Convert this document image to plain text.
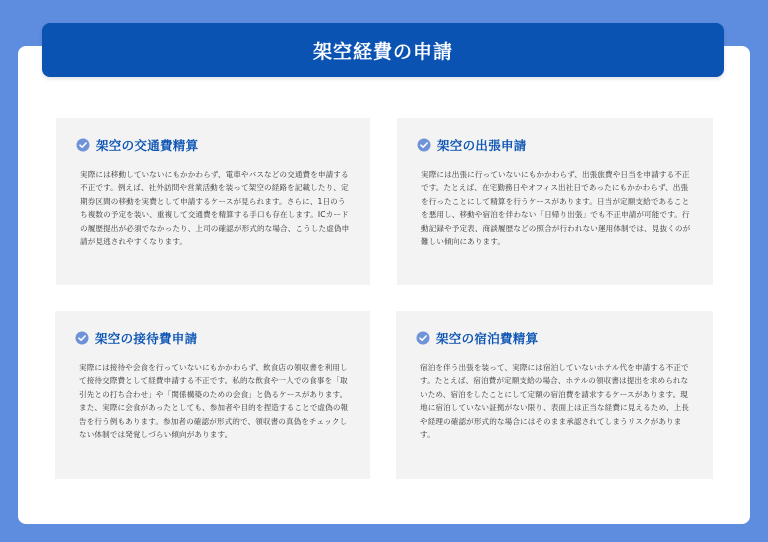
架空経費の申請
架空の交通費精算

実際には移動していないにもかかわらず、電車やバスなどの交通費を申請する不正です。例えば、社外訪問や営業活動を装って架空の経路を記載したり、定期券区間の移動を実費として申請するケースが見られます。さらに、1日のうち複数の予定を装い、重複して交通費を精算する手口も存在します。ICカードの履歴提出が必須でなかったり、上司の確認が形式的な場合、こうした虚偽申請が見逃されやすくなります。

架空の出張申請

実際には出張に行っていないにもかかわらず、出張旅費や日当を申請する不正です。たとえば、在宅勤務日やオフィス出社日であったにもかかわらず、出張を行ったことにして精算を行うケースがあります。日当が定額支給であることを悪用し、移動や宿泊を伴わない「日帰り出張」でも不正申請が可能です。行動記録や予定表、商談履歴などの照合が行われない運用体制では、見抜くのが難しい傾向にあります。

架空の接待費申請

実際には接待や会食を行っていないにもかかわらず、飲食店の領収書を利用して接待交際費として経費申請する不正です。私的な飲食や一人での食事を「取引先との打ち合わせ」や「関係構築のための会食」と偽るケースがあります。また、実際に会食があったとしても、参加者や目的を捏造することで虚偽の報告を行う例もあります。参加者の確認が形式的で、領収書の真偽をチェックしない体制では発覚しづらい傾向があります。

架空の宿泊費精算

宿泊を伴う出張を装って、実際には宿泊していないホテル代を申請する不正です。たとえば、宿泊費が定額支給の場合、ホテルの領収書は提出を求められないため、宿泊をしたことにして定額の宿泊費を請求するケースがあります。現地に宿泊していない証拠がない限り、表面上は正当な経費に見えるため、上長や経理の確認が形式的な場合にはそのまま承認されてしまうリスクがあります。
